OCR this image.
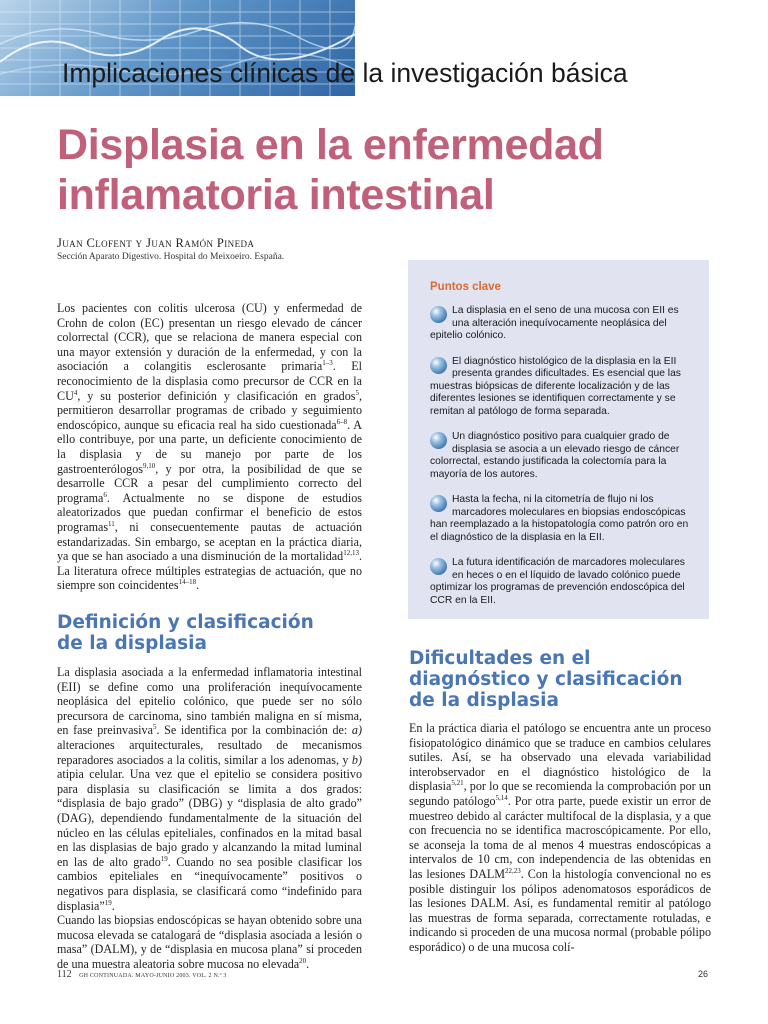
Implicaciones clínicas de la investigación básica
Displasia en la enfermedad
inflamatoria intestinal

Juan Clofent y Juan Ramón Pineda

Sección Aparato Digestivo. Hospital do Meixoeiro. España.

Los pacientes con colitis ulcerosa (CU) y enfermedad de Crohn de colon (EC) presentan un riesgo elevado de cáncer colorrectal (CCR), que se relaciona de manera especial con una mayor extensión y duración de la enfermedad, y con la asociación a colangitis esclerosante primaria$^{1-3}$. El reconocimiento de la displasia como precursor de CCR en la $CU^4$, y su posterior definición y clasificación en grados$^5$, permitieron desarrollar programas de cribado y seguimiento endoscópico, aunque su eficacia real ha sido cuestionada$^{6-8}$. A ello contribuye, por una parte, un deficiente conocimiento de la displasia y de su manejo por parte de los gastroenterólogos$^{9,10}$, y por otra, la posibilidad de que se desarrolle CCR a pesar del cumplimiento correcto del programa$^6$. Actualmente no se dispone de estudios aleatorizados que puedan confirmar el beneficio de estos programas$^{11}$, ni consecuentemente pautas de actuación estandarizadas. Sin embargo, se aceptan en la práctica diaria, ya que se han asociado a una disminución de la mortalidad$^{12,13}$. La literatura ofrece múltiples estrategias de actuación, que no siempre son coincidentes$^{14-18}$.
Definición y clasificación
de la displasia
La displasia asociada a la enfermedad inflamatoria intestinal (EII) se define como una proliferación inequívocamente neoplásica del epitelio colónico, que puede ser no sólo precursora de carcinoma, sino también maligna en sí misma, en fase preinvasiva$^5$. Se identifica por la combinación de: a) alteraciones arquitecturales, resultado de mecanismos reparadores asociados a la colitis, similar a los adenomas, y b) atipia celular. Una vez que el epitelio se considera positivo para displasia su clasificación se limita a dos grados: “displasia de bajo grado” (DBG) y “displasia de alto grado” (DAG), dependiendo fundamentalmente de la situación del núcleo en las células epiteliales, confinados en la mitad basal en las displasias de bajo grado y alcanzando la mitad luminal en las de alto grado$^{19}$. Cuando no sea posible clasificar los cambios epiteliales en “inequívocamente” positivos o negativos para displasia, se clasificará como “indefinido para displasia”$^{19}$.
Cuando las biopsias endoscópicas se hayan obtenido sobre una mucosa elevada se catalogará de “displasia asociada a lesión o masa” (DALM), y de “displasia en mucosa plana” si proceden de una muestra aleatoria sobre mucosa no elevada$^{20}$.

Puntos clave

La displasia en el seno de una mucosa con EII es una alteración inequívocamente neoplásica del epitelio colónico.
El diagnóstico histológico de la displasia en la EII presenta grandes dificultades. Es esencial que las muestras biópsicas de diferente localización y de las diferentes lesiones se identifiquen correctamente y se remitan al patólogo de forma separada.
Un diagnóstico positivo para cualquier grado de displasia se asocia a un elevado riesgo de cáncer colorrectal, estando justificada la colectomía para la mayoría de los autores.
Hasta la fecha, ni la citometría de flujo ni los marcadores moleculares en biopsias endoscópicas han reemplazado a la histopatología como patrón oro en el diagnóstico de la displasia en la EII.
La futura identificación de marcadores moleculares en heces o en el líquido de lavado colónico puede optimizar los programas de prevención endoscópica del CCR en la EII.
Dificultades en el
diagnóstico y clasificación
de la displasia
En la práctica diaria el patólogo se encuentra ante un proceso fisiopatológico dinámico que se traduce en cambios celulares sutiles. Así, se ha observado una elevada variabilidad interobservador en el diagnóstico histológico de la displasia$^{5,21}$, por lo que se recomienda la comprobación por un segundo patólogo$^{5,14}$. Por otra parte, puede existir un error de muestreo debido al carácter multifocal de la displasia, y a que con frecuencia no se identifica macroscópicamente. Por ello, se aconseja la toma de al menos 4 muestras endoscópicas a intervalos de 10 cm, con independencia de las obtenidas en las lesiones DALM$^{22,23}$. Con la histología convencional no es posible distinguir los pólipos adenomatosos esporádicos de las lesiones DALM. Así, es fundamental remitir al patólogo las muestras de forma separada, correctamente rotuladas, e indicando si proceden de una mucosa normal (probable pólipo esporádico) o de una mucosa colí-
112 GH CONTINUADA. MAYO-JUNIO 2003. VOL. 2 N.º 3	26
